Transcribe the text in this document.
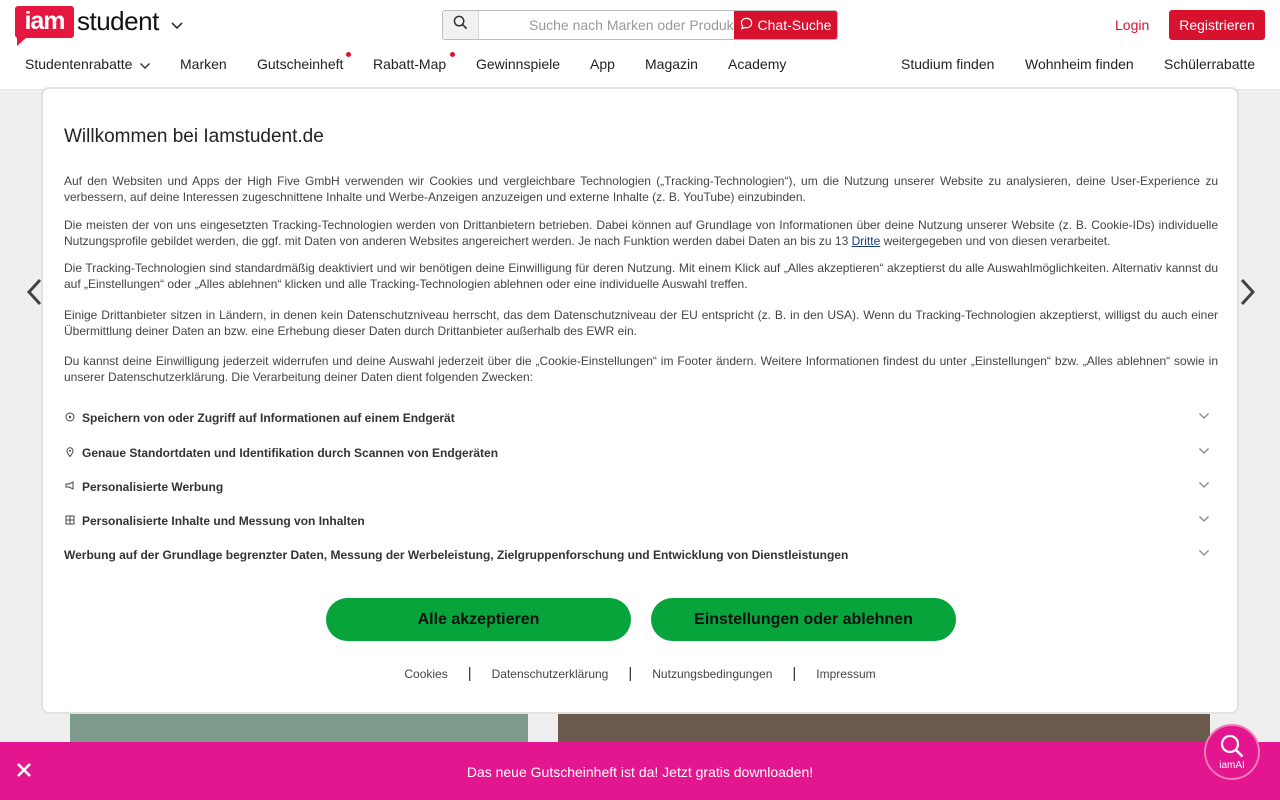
iam student
Suche nach Marken oder Produkten	Chat-Suche	Login	Registrieren
Studentenrabatte	Marken Gutscheinheft Rabatt-Map Gewinnspiele App Magazin Academy	Studium finden Wohnheim finden Schülerrabatte
Willkommen bei Iamstudent.de
Auf den Websiten und Apps der High Five GmbH verwenden wir Cookies und vergleichbare Technologien („Tracking-Technologien“), um die Nutzung unserer Website zu analysieren, deine User-Experience zu verbessern, auf deine Interessen zugeschnittene Inhalte und Werbe-Anzeigen anzuzeigen und externe Inhalte (z. B. YouTube) einzubinden.
Die meisten der von uns eingesetzten Tracking-Technologien werden von Drittanbietern betrieben. Dabei können auf Grundlage von Informationen über deine Nutzung unserer Website (z. B. Cookie-IDs) individuelle Nutzungsprofile gebildet werden, die ggf. mit Daten von anderen Websites angereichert werden. Je nach Funktion werden dabei Daten an bis zu 13 Dritte weitergegeben und von diesen verarbeitet.
Die Tracking-Technologien sind standardmäßig deaktiviert und wir benötigen deine Einwilligung für deren Nutzung. Mit einem Klick auf „Alles akzeptieren“ akzeptierst du alle Auswahlmöglichkeiten. Alternativ kannst du auf „Einstellungen“ oder „Alles ablehnen“ klicken und alle Tracking-Technologien ablehnen oder eine individuelle Auswahl treffen.
Einige Drittanbieter sitzen in Ländern, in denen kein Datenschutzniveau herrscht, das dem Datenschutzniveau der EU entspricht (z. B. in den USA). Wenn du Tracking-Technologien akzeptierst, willigst du auch einer Übermittlung deiner Daten an bzw. eine Erhebung dieser Daten durch Drittanbieter außerhalb des EWR ein.
Du kannst deine Einwilligung jederzeit widerrufen und deine Auswahl jederzeit über die „Cookie-Einstellungen“ im Footer ändern. Weitere Informationen findest du unter „Einstellungen“ bzw. „Alles ablehnen“ sowie in unserer Datenschutzerklärung. Die Verarbeitung deiner Daten dient folgenden Zwecken:
Speichern von oder Zugriff auf Informationen auf einem Endgerät
Genaue Standortdaten und Identifikation durch Scannen von Endgeräten
Personalisierte Werbung
Personalisierte Inhalte und Messung von Inhalten
Werbung auf der Grundlage begrenzter Daten, Messung der Werbeleistung, Zielgruppenforschung und Entwicklung von Dienstleistungen
Alle akzeptieren	Einstellungen oder ablehnen
Cookies | Datenschutzerklärung | Nutzungsbedingungen | Impressum
Das neue Gutscheinheft ist da! Jetzt gratis downloaden!	iamAI
